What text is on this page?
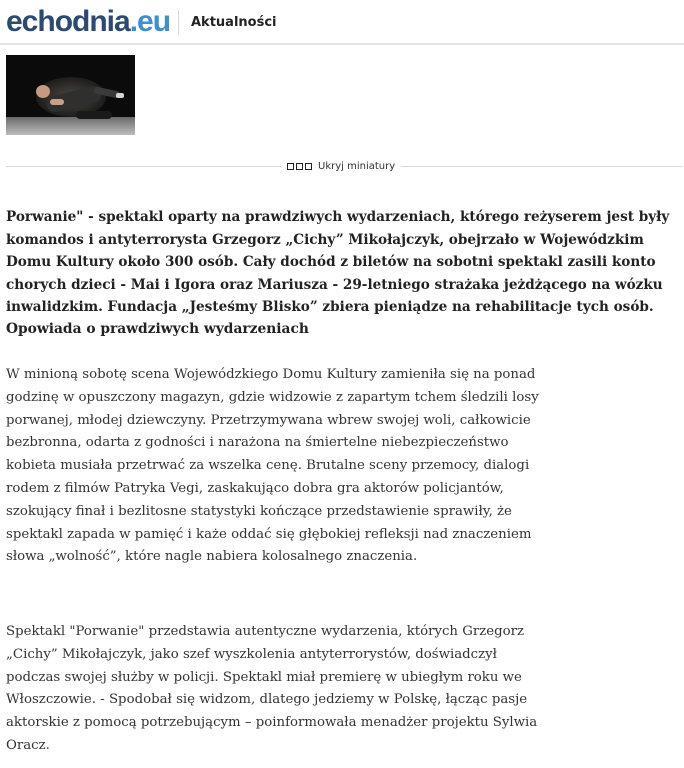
echodnia.eu Aktualności
Ukryj miniatury

Porwanie" - spektakl oparty na prawdziwych wydarzeniach, którego reżyserem jest były komandos i antyterrorysta Grzegorz „Cichy” Mikołajczyk, obejrzało w Wojewódzkim Domu Kultury około 300 osób. Cały dochód z biletów na sobotni spektakl zasili konto chorych dzieci - Mai i Igora oraz Mariusza - 29-letniego strażaka jeżdżącego na wózku inwalidzkim. Fundacja „Jesteśmy Blisko” zbiera pieniądze na rehabilitacje tych osób.

Opowiada o prawdziwych wydarzeniach

W minioną sobotę scena Wojewódzkiego Domu Kultury zamieniła się na ponad godzinę w opuszczony magazyn, gdzie widzowie z zapartym tchem śledzili losy porwanej, młodej dziewczyny. Przetrzymywana wbrew swojej woli, całkowicie bezbronna, odarta z godności i narażona na śmiertelne niebezpieczeństwo kobieta musiała przetrwać za wszelka cenę. Brutalne sceny przemocy, dialogi rodem z filmów Patryka Vegi, zaskakująco dobra gra aktorów policjantów, szokujący finał i bezlitosne statystyki kończące przedstawienie sprawiły, że spektakl zapada w pamięć i każe oddać się głębokiej refleksji nad znaczeniem słowa „wolność”, które nagle nabiera kolosalnego znaczenia.

Spektakl "Porwanie" przedstawia autentyczne wydarzenia, których Grzegorz „Cichy” Mikołajczyk, jako szef wyszkolenia antyterrorystów, doświadczył podczas swojej służby w policji. Spektakl miał premierę w ubiegłym roku we Włoszczowie. - Spodobał się widzom, dlatego jedziemy w Polskę, łącząc pasje aktorskie z pomocą potrzebującym – poinformowała menadżer projektu Sylwia Oracz.
